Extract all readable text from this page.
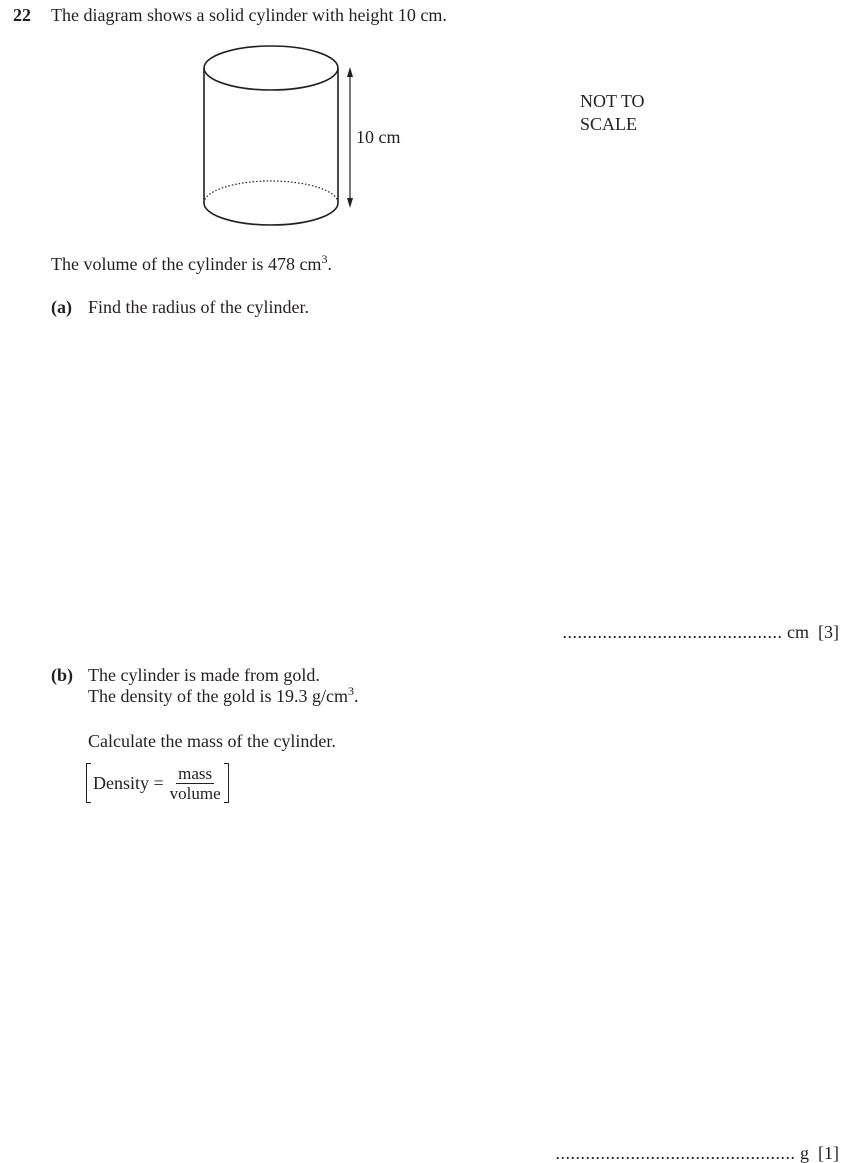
22 The diagram shows a solid cylinder with height 10 cm.
10 cm
NOT TO
SCALE
The volume of the cylinder is 478 $cm^3$.
(a) Find the radius of the cylinder.
............................................ cm [3]
(b) The cylinder is made from gold.
The density of the gold is 19.3 $g/cm^3$.
Calculate the mass of the cylinder.
Density = $\frac{\text{mass}}{\text{volume}}$
................................................ g [1]
